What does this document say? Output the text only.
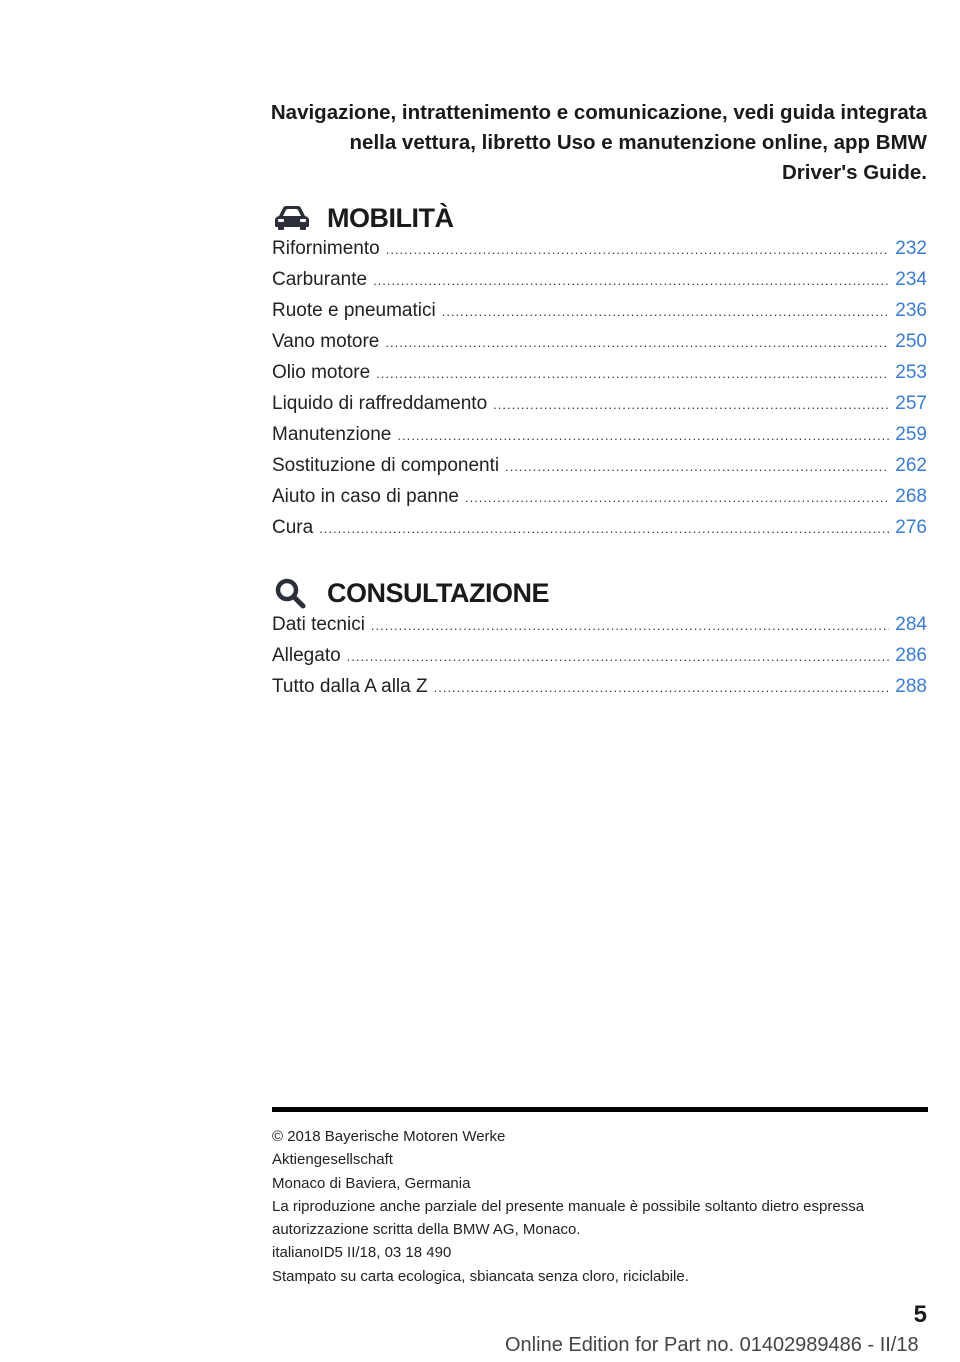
Navigazione, intrattenimento e comunicazione, vedi guida integrata nella vettura, libretto Uso e manutenzione online, app BMW Driver's Guide.
MOBILITÀ
Rifornimento .....	232
Carburante .....	234
Ruote e pneumatici .....	236
Vano motore .....	250
Olio motore .....	253
Liquido di raffreddamento .....	257
Manutenzione .....	259
Sostituzione di componenti .....	262
Aiuto in caso di panne .....	268
Cura .....	276
CONSULTAZIONE
Dati tecnici .....	284
Allegato .....	286
Tutto dalla A alla Z .....	288
© 2018 Bayerische Motoren Werke
Aktiengesellschaft
Monaco di Baviera, Germania
La riproduzione anche parziale del presente manuale è possibile soltanto dietro espressa
autorizzazione scritta della BMW AG, Monaco.
italianoID5 II/18, 03 18 490
Stampato su carta ecologica, sbiancata senza cloro, riciclabile.
5
Online Edition for Part no. 01402989486 - II/18
